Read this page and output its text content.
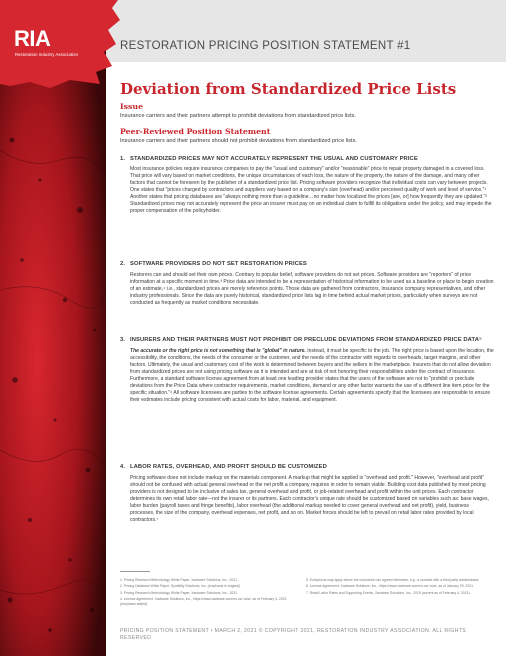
RIA
Restoration Industry Association
RESTORATION PRICING POSITION STATEMENT #1
Deviation from Standardized Price Lists
Issue
Insurance carriers and their partners attempt to prohibit deviations from standardized price lists.
Peer-Reviewed Position Statement
Insurance carriers and their partners should not prohibit deviations from standardized price lists.
1. STANDARDIZED PRICES MAY NOT ACCURATELY REPRESENT THE USUAL AND CUSTOMARY PRICE

Most insurance policies require insurance companies to pay the "usual and customary" and/or "reasonable" price to repair property damaged in a covered loss. That price will vary based on market conditions, the unique circumstances of each loss, the nature of the property, the nature of the damage, and many other factors that cannot be foreseen by the publisher of a standardized price list. Pricing software providers recognize that individual costs can vary between projects. One states that "prices charged by contractors and suppliers vary based on a company's size (overhead) and/or perceived quality of work and level of service."¹ Another states that pricing databases are "always nothing more than a guideline…no matter how localized the prices [are, or] how frequently they are updated."² Standardized prices may not accurately represent the price an insurer must pay on an individual claim to fulfill its obligations under the policy, and may impede the proper compensation of the policyholder.

2. SOFTWARE PROVIDERS DO NOT SET RESTORATION PRICES

Restorers can and should set their own prices. Contrary to popular belief, software providers do not set prices. Software providers are "reporters" of price information at a specific moment in time.³ Price data are intended to be a representation of historical information to be used as a baseline or place to begin creation of an estimate,⁴ i.e., standardized prices are merely reference points. Those data are gathered from contractors, insurance company representatives, and other industry professionals. Since the data are purely historical, standardized price lists lag in time behind actual market prices, particularly when surveys are not conducted as frequently as market conditions necessitate.

3. INSURERS AND THEIR PARTNERS MUST NOT PROHIBIT OR PRECLUDE DEVIATIONS FROM STANDARDIZED PRICE DATA⁵

The accurate or the right price is not something that is "global" in nature. Instead, it must be specific to the job. The right price is based upon the location, the accessibility, the conditions, the needs of the consumer or the customer, and the needs of the contractor with regards to overheads, target margins, and other factors. Ultimately, the usual and customary cost of the work is determined between buyers and the sellers in the marketplace. Insurers that do not allow deviation from standardized prices are not using pricing software as it is intended and are at risk of not honoring their responsibilities under the contract of insurance. Furthermore, a standard software license agreement from at least one leading provider states that the users of the software are not to "prohibit or preclude deviations from the Price Data where contractor requirements, market conditions, demand or any other factor warrants the use of a different line item price for the specific situation."⁶ All software licensees are parties to the software license agreements. Certain agreements specify that the licensees are responsible to ensure their estimates include pricing consistent with actual costs for labor, material, and equipment.

4. LABOR RATES, OVERHEAD, AND PROFIT SHOULD BE CUSTOMIZED

Pricing software does not include markup on the materials component. A markup that might be applied is "overhead and profit." However, "overhead and profit" should not be confused with actual general overhead or the net profit a company requires in order to remain viable. Building cost data published by most pricing providers is not designed to be inclusive of sales tax, general overhead and profit, or job-related overhead and profit within the unit prices. Each contractor determines its own retail labor rate—not the insurer or its partners. Each contractor's unique rate should be customized based on variables such as: base wages, labor burden (payroll taxes and fringe benefits), labor overhead (the additional markup needed to cover general overhead and net profit), yield, business processes, the size of the company, overhead expenses, net profit, and so on. Market forces should be left to prevail on retail labor rates provided by local contractors.⁷

1. Pricing Research Methodology White Paper, Xactware Solutions, Inc., 2021.
2. Pricing Database White Paper, Symbility Solutions, Inc. (emphasis in original).
3. Pricing Research Methodology White Paper, Xactware Solutions, Inc., 2021.
4. License Agreement, Xactware Solutions, Inc., https://www.xactware.com/en-us/ xula/, as of February 4, 2021 (emphasis added).
5. Exceptions may apply where the contractor has agreed otherwise, e.g., a contract with a third party administrator.
6. License Agreement, Xactware Solutions, Inc., https://www.xactware.com/en-us/ xula/, as of January 29, 2021.
7. Retail Labor Rates and Supporting Events, Xactware Solutions, Inc., 2019 (current as of February 4, 2021).
PRICING POSITION STATEMENT • MARCH 2, 2021 © COPYRIGHT 2021, RESTORATION INDUSTRY ASSOCIATION. ALL RIGHTS RESERVED.
